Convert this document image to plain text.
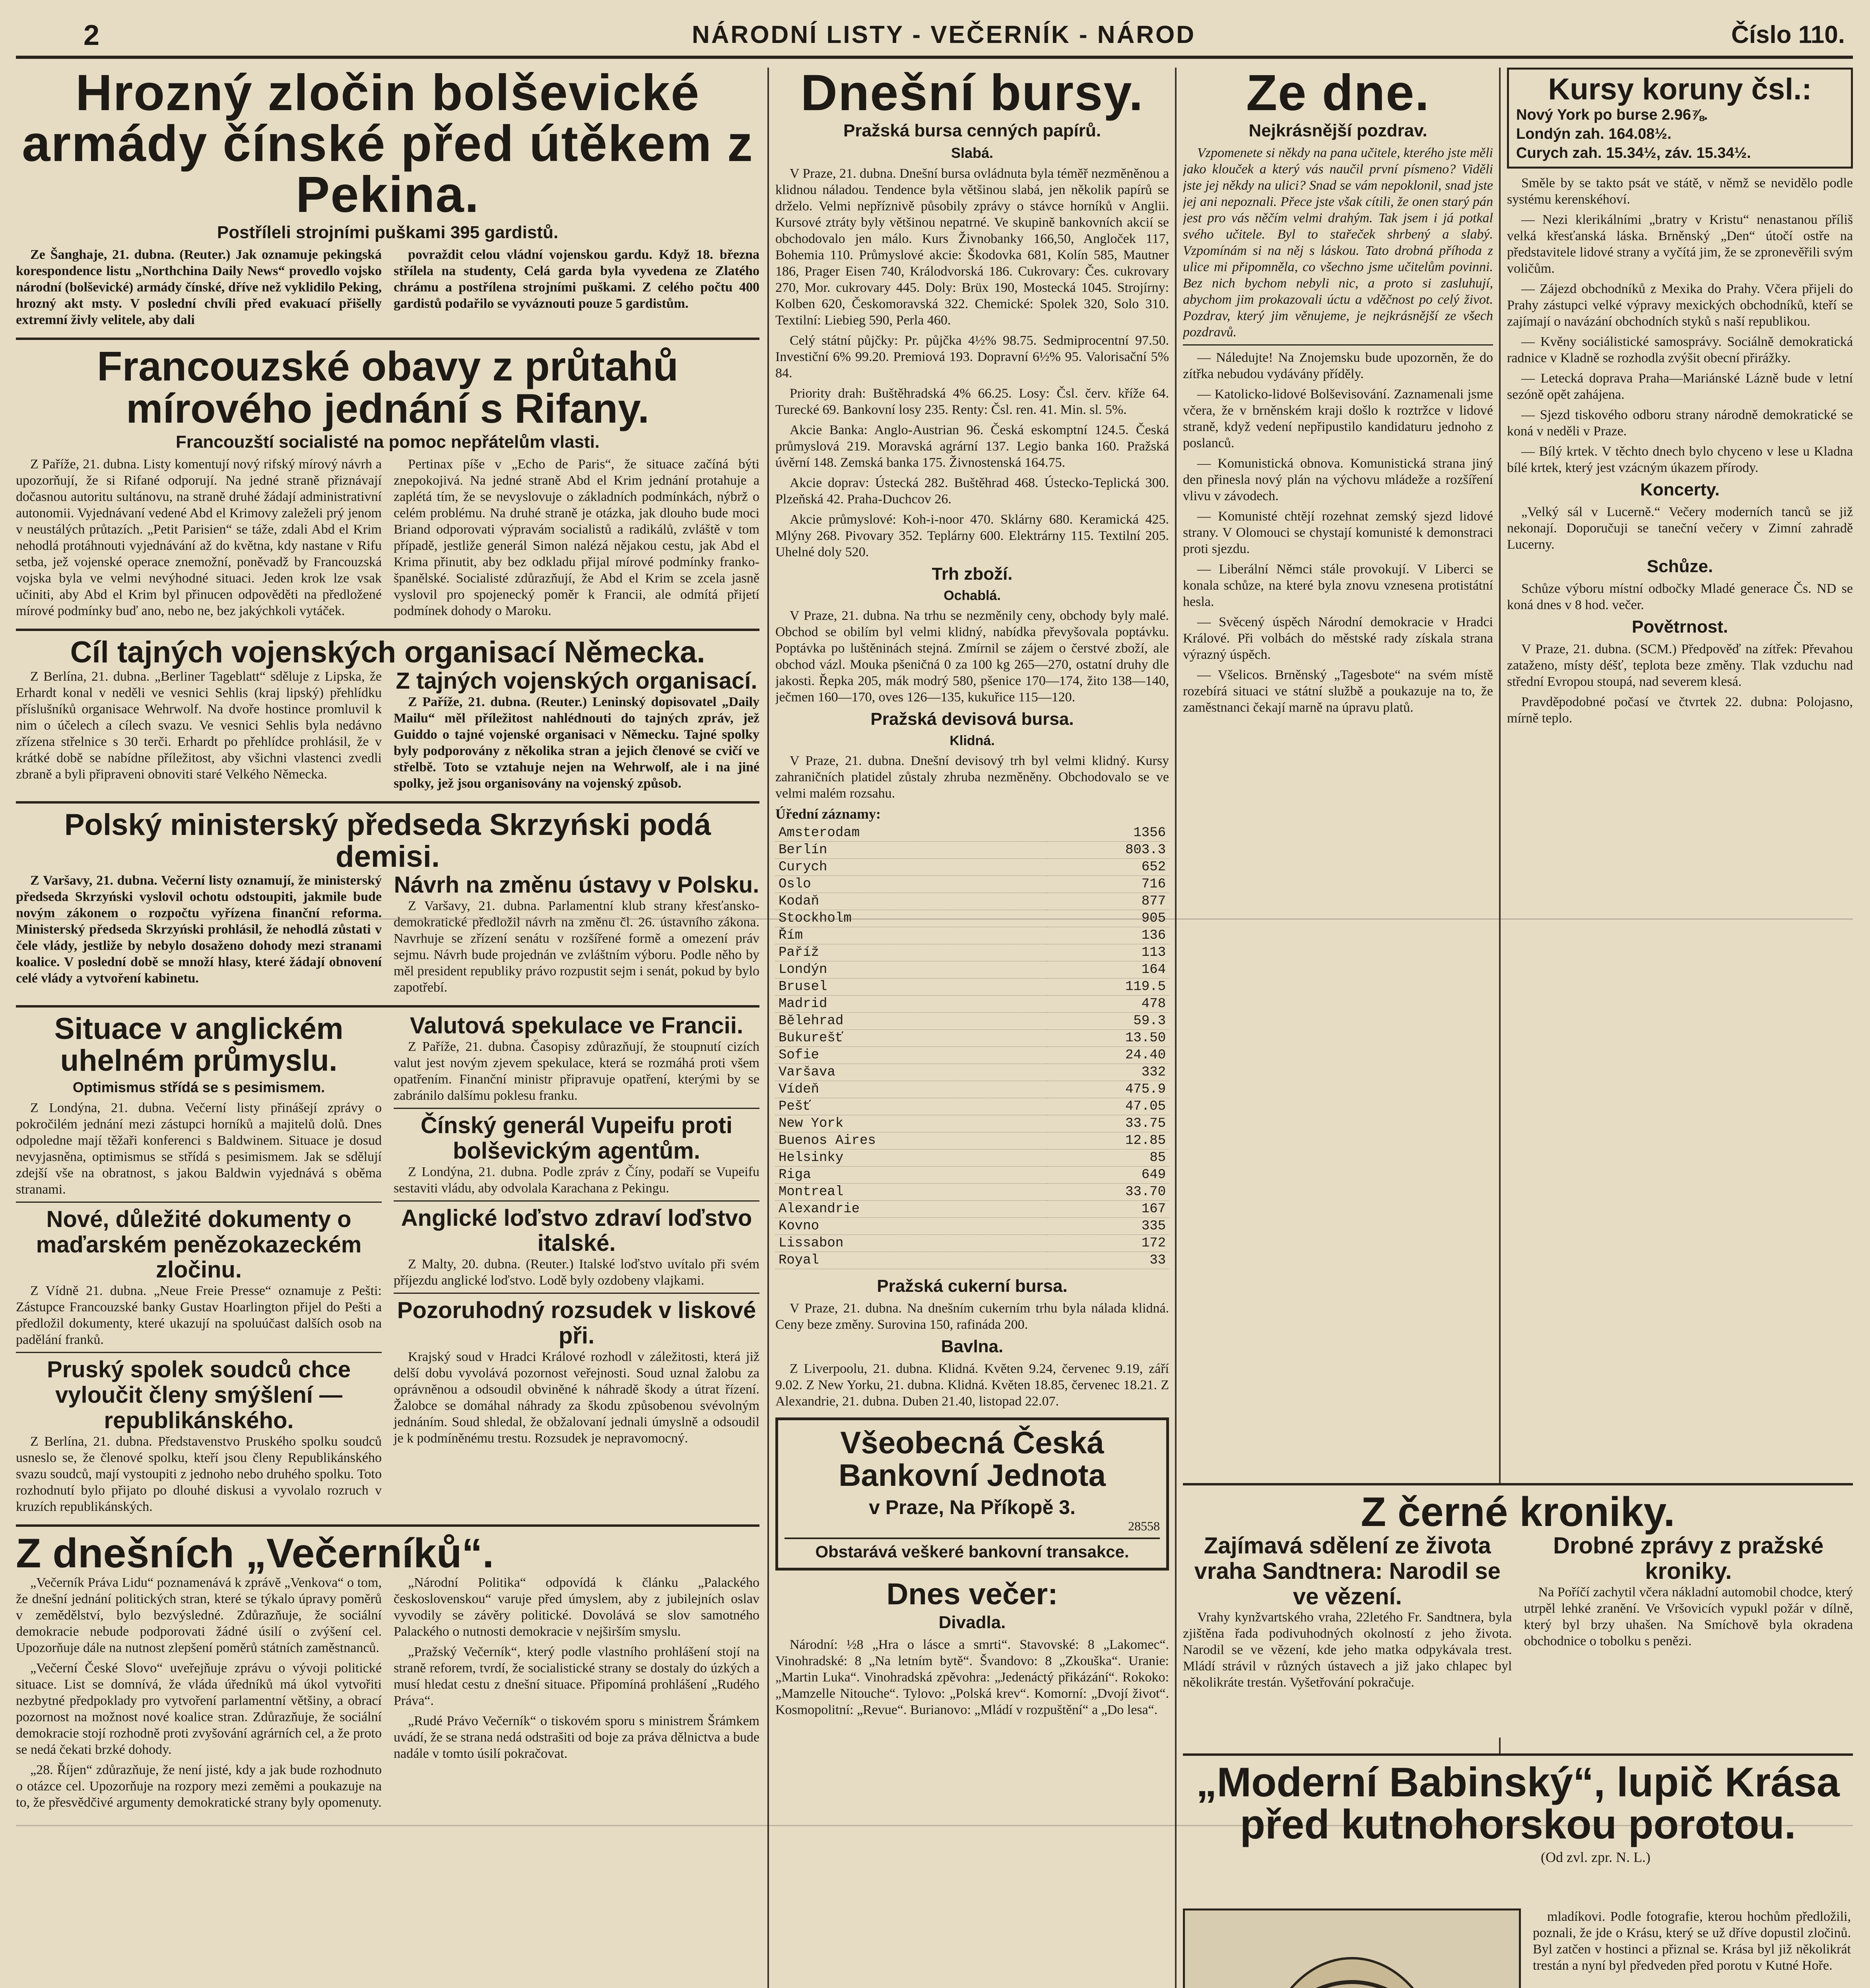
2	NÁRODNÍ LISTY - VEČERNÍK - NÁROD	Číslo 110.
Hrozný zločin bolševické armády čínské před útěkem z Pekina.
Postříleli strojními puškami 395 gardistů.

Ze Šanghaje, 21. dubna. (Reuter.) Jak oznamuje pekingská korespondence listu „Northchina Daily News“ provedlo vojsko národní (bolševické) armády čínské, dříve než vyklidilo Peking, hrozný akt msty. V poslední chvíli před evakuací přišelly extremní živly velitele, aby dali

povraždit celou vládní vojenskou gardu. Když 18. března střílela na studenty, Celá garda byla vyvedena ze Zlatého chrámu a postřílena strojními puškami. Z celého počtu 400 gardistů podařilo se vyváznouti pouze 5 gardistům.

Francouzské obavy z průtahů mírového jednání s Rifany.
Francouzští socialisté na pomoc nepřátelům vlasti.

Z Paříže, 21. dubna. Listy komentují nový rifský mírový návrh a upozorňují, že si Rifané odporují. Na jedné straně přiznávají dočasnou autoritu sultánovu, na straně druhé žádají administrativní autonomii. Vyjednávaní vedené Abd el Krimovy zaleželi prý jenom v neustálých průtazích. „Petit Parisien“ se táže, zdali Abd el Krim nehodlá protáhnouti vyjednávání až do května, kdy nastane v Rifu setba, jež vojenské operace znemožní, poněvadž by Francouzská vojska byla ve velmi nevýhodné situaci. Jeden krok lze vsak učiniti, aby Abd el Krim byl přinucen odpověděti na předložené mírové podmínky buď ano, nebo ne, bez jakýchkoli vytáček.

Pertinax píše v „Echo de Paris“, že situace začíná býti znepokojivá. Na jedné straně Abd el Krim jednání protahuje a zaplétá tím, že se nevyslovuje o základních podmínkách, nýbrž o celém problému. Na druhé straně je otázka, jak dlouho bude moci Briand odporovati výpravám socialistů a radikálů, zvláště v tom případě, jestliže generál Simon nalézá nějakou cestu, jak Abd el Krima přinutit, aby bez odkladu přijal mírové podmínky franko-španělské. Socialisté zdůrazňují, že Abd el Krim se zcela jasně vyslovil pro spojenecký poměr k Francii, ale odmítá přijetí podmínek dohody o Maroku.

Cíl tajných vojenských organisací Německa.

Z Berlína, 21. dubna. „Berliner Tageblatt“ sděluje z Lipska, že Erhardt konal v neděli ve vesnici Sehlis (kraj lipský) přehlídku příslušníků organisace Wehrwolf. Na dvoře hostince promluvil k nim o účelech a cílech svazu. Ve vesnici Sehlis byla nedávno zřízena střelnice s 30 terči. Erhardt po přehlídce prohlásil, že v krátké době se nabídne příležitost, aby všichni vlastenci zvedli zbraně a byli připraveni obnoviti staré Velkého Německa.

Z tajných vojenských organisací.

Z Paříže, 21. dubna. (Reuter.) Leninský dopisovatel „Daily Mailu“ měl příležitost nahlédnouti do tajných zpráv, jež Guiddo o tajné vojenské organisaci v Německu. Tajné spolky byly podporovány z několika stran a jejich členové se cvičí ve střelbě. Toto se vztahuje nejen na Wehrwolf, ale i na jiné spolky, jež jsou organisovány na vojenský způsob.

Polský ministerský předseda Skrzyński podá demisi.

Z Varšavy, 21. dubna. Večerní listy oznamují, že ministerský předseda Skrzyński vyslovil ochotu odstoupiti, jakmile bude novým zákonem o rozpočtu vyřízena finanční reforma. Ministerský předseda Skrzyński prohlásil, že nehodlá zůstati v čele vlády, jestliže by nebylo dosaženo dohody mezi stranami koalice. V poslední době se množí hlasy, které žádají obnovení celé vlády a vytvoření kabinetu.

Návrh na změnu ústavy v Polsku.

Z Varšavy, 21. dubna. Parlamentní klub strany křesťansko-demokratické předložil návrh na změnu čl. 26. ústavního zákona. Navrhuje se zřízení senátu v rozšířené formě a omezení práv sejmu. Návrh bude projednán ve zvláštním výboru. Podle něho by měl president republiky právo rozpustit sejm i senát, pokud by bylo zapotřebí.

Situace v anglickém uhelném průmyslu.
Optimismus střídá se s pesimismem.

Z Londýna, 21. dubna. Večerní listy přinášejí zprávy o pokročilém jednání mezi zástupci horníků a majitelů dolů. Dnes odpoledne mají těžaři konferenci s Baldwinem. Situace je dosud nevyjasněna, optimismus se střídá s pesimismem. Jak se sdělují zdejší vše na obratnost, s jakou Baldwin vyjednává s oběma stranami.

Nové, důležité dokumenty o maďarském penězokazeckém zločinu.

Z Vídně 21. dubna. „Neue Freie Presse“ oznamuje z Pešti: Zástupce Francouzské banky Gustav Hoarlington přijel do Pešti a předložil dokumenty, které ukazují na spoluúčast dalších osob na padělání franků.

Pruský spolek soudců chce vyloučit členy smýšlení — republikánského.

Z Berlína, 21. dubna. Představenstvo Pruského spolku soudců usneslo se, že členové spolku, kteří jsou členy Republikánského svazu soudců, mají vystoupiti z jednoho nebo druhého spolku. Toto rozhodnutí bylo přijato po dlouhé diskusi a vyvolalo rozruch v kruzích republikánských.

Valutová spekulace ve Francii.

Z Paříže, 21. dubna. Časopisy zdůrazňují, že stoupnutí cizích valut jest novým zjevem spekulace, která se rozmáhá proti všem opatřením. Finanční ministr připravuje opatření, kterými by se zabránilo dalšímu poklesu franku.

Čínský generál Vupeifu proti bolševickým agentům.

Z Londýna, 21. dubna. Podle zpráv z Číny, podaří se Vupeifu sestaviti vládu, aby odvolala Karachana z Pekingu.

Anglické loďstvo zdraví loďstvo italské.

Z Malty, 20. dubna. (Reuter.) Italské loďstvo uvítalo při svém příjezdu anglické loďstvo. Lodě byly ozdobeny vlajkami.

Pozoruhodný rozsudek v liskové při.

Krajský soud v Hradci Králové rozhodl v záležitosti, která již delší dobu vyvolává pozornost veřejnosti. Soud uznal žalobu za oprávněnou a odsoudil obviněné k náhradě škody a útrat řízení. Žalobce se domáhal náhrady za škodu způsobenou svévolným jednáním. Soud shledal, že obžalovaní jednali úmyslně a odsoudil je k podmíněnému trestu. Rozsudek je nepravomocný.

Z dnešních „Večerníků“.

„Večerník Práva Lidu“ poznamenává k zprávě „Venkova“ o tom, že dnešní jednání politických stran, které se týkalo úpravy poměrů v zemědělství, bylo bezvýsledné. Zdůrazňuje, že sociální demokracie nebude podporovati žádné úsilí o zvýšení cel. Upozorňuje dále na nutnost zlepšení poměrů státních zaměstnanců.

„Večerní České Slovo“ uveřejňuje zprávu o vývoji politické situace. List se domnívá, že vláda úředníků má úkol vytvořiti nezbytné předpoklady pro vytvoření parlamentní většiny, a obrací pozornost na možnost nové koalice stran. Zdůrazňuje, že sociální demokracie stojí rozhodně proti zvyšování agrárních cel, a že proto se nedá čekati brzké dohody.

„28. Říjen“ zdůrazňuje, že není jisté, kdy a jak bude rozhodnuto o otázce cel. Upozorňuje na rozpory mezi zeměmi a poukazuje na to, že přesvědčivé argumenty demokratické strany byly opomenuty.

„Národní Politika“ odpovídá k článku „Palackého československou“ varuje před úmyslem, aby z jubilejních oslav vyvodily se závěry politické. Dovolává se slov samotného Palackého o nutnosti demokracie v nejširším smyslu.

„Pražský Večerník“, který podle vlastního prohlášení stojí na straně reforem, tvrdí, že socialistické strany se dostaly do úzkých a musí hledat cestu z dnešní situace. Připomíná prohlášení „Rudého Práva“.

„Rudé Právo Večerník“ o tiskovém sporu s ministrem Šrámkem uvádí, že se strana nedá odstrašiti od boje za práva dělnictva a bude nadále v tomto úsilí pokračovat.

Dnešní bursy.
Pražská bursa cenných papírů.
Slabá.

V Praze, 21. dubna. Dnešní bursa ovládnuta byla téměř nezměněnou a klidnou náladou. Tendence byla většinou slabá, jen několik papírů se drželo. Velmi nepříznivě působily zprávy o stávce horníků v Anglii. Kursové ztráty byly většinou nepatrné. Ve skupině bankovních akcií se obchodovalo jen málo. Kurs Živnobanky 166,50, Angloček 117, Bohemia 110. Průmyslové akcie: Škodovka 681, Kolín 585, Mautner 186, Prager Eisen 740, Králodvorská 186. Cukrovary: Čes. cukrovary 270, Mor. cukrovary 445. Doly: Brüx 190, Mostecká 1045. Strojírny: Kolben 620, Českomoravská 322. Chemické: Spolek 320, Solo 310. Textilní: Liebieg 590, Perla 460.

Celý státní půjčky: Pr. půjčka 4½% 98.75. Sedmiprocentní 97.50. Investiční 6% 99.20. Premiová 193. Dopravní 6½% 95. Valorisační 5% 84.

Priority drah: Buštěhradská 4% 66.25. Losy: Čsl. červ. kříže 64. Turecké 69. Bankovní losy 235. Renty: Čsl. ren. 41. Min. sl. 5%.

Akcie Banka: Anglo-Austrian 96. Česká eskomptní 124.5. Česká průmyslová 219. Moravská agrární 137. Legio banka 160. Pražská úvěrní 148. Zemská banka 175. Živnostenská 164.75.

Akcie doprav: Ústecká 282. Buštěhrad 468. Ústecko-Teplická 300. Plzeňská 42. Praha-Duchcov 26.

Akcie průmyslové: Koh-i-noor 470. Sklárny 680. Keramická 425. Mlýny 268. Pivovary 352. Teplárny 600. Elektrárny 115. Textilní 205. Uhelné doly 520.

Trh zboží.
Ochablá.

V Praze, 21. dubna. Na trhu se nezměnily ceny, obchody byly malé. Obchod se obilím byl velmi klidný, nabídka převyšovala poptávku. Poptávka po luštěninách stejná. Zmírnil se zájem o čerstvé zboží, ale obchod vázl. Mouka pšeničná 0 za 100 kg 265—270, ostatní druhy dle jakosti. Řepka 205, mák modrý 580, pšenice 170—174, žito 138—140, ječmen 160—170, oves 126—135, kukuřice 115—120.

Pražská devisová bursa.
Klidná.

V Praze, 21. dubna. Dnešní devisový trh byl velmi klidný. Kursy zahraničních platidel zůstaly zhruba nezměněny. Obchodovalo se ve velmi malém rozsahu.

Úřední záznamy:
Amsterodam	1356
Berlín	803.3
Curych	652
Oslo	716
Kodaň	877
Stockholm	905
Řím	136
Paříž	113
Londýn	164
Brusel	119.5
Madrid	478
Bělehrad	59.3
Bukurešť	13.50
Sofie	24.40
Varšava	332
Vídeň	475.9
Pešť	47.05
New York	33.75
Buenos Aires	12.85
Helsinky	85
Riga	649
Montreal	33.70
Alexandrie	167
Kovno	335
Lissabon	172
Royal	33
Pražská cukerní bursa.

V Praze, 21. dubna. Na dnešním cukerním trhu byla nálada klidná. Ceny beze změny. Surovina 150, rafináda 200.

Bavlna.

Z Liverpoolu, 21. dubna. Klidná. Květen 9.24, červenec 9.19, září 9.02. Z New Yorku, 21. dubna. Klidná. Květen 18.85, červenec 18.21. Z Alexandrie, 21. dubna. Duben 21.40, listopad 22.07.

Všeobecná Česká Bankovní Jednota
v Praze, Na Příkopě 3.
28558
Obstarává veškeré bankovní transakce.
Dnes večer:
Divadla.

Národní: ½8 „Hra o lásce a smrti“. Stavovské: 8 „Lakomec“. Vinohradské: 8 „Na letním bytě“. Švandovo: 8 „Zkouška“. Uranie: „Martin Luka“. Vinohradská zpěvohra: „Jedenáctý přikázání“. Rokoko: „Mamzelle Nitouche“. Tylovo: „Polská krev“. Komorní: „Dvojí život“. Kosmopolitní: „Revue“. Burianovo: „Mládí v rozpuštění“ a „Do lesa“.

Ze dne.
Nejkrásnější pozdrav.

Vzpomenete si někdy na pana učitele, kterého jste měli jako klouček a který vás naučil první písmeno? Viděli jste jej někdy na ulici? Snad se vám nepoklonil, snad jste jej ani nepoznali. Přece jste však cítili, že onen starý pán jest pro vás něčím velmi drahým. Tak jsem i já potkal svého učitele. Byl to stařeček shrbený a slabý. Vzpomínám si na něj s láskou. Tato drobná příhoda z ulice mi připomněla, co všechno jsme učitelům povinni. Bez nich bychom nebyli nic, a proto si zasluhují, abychom jim prokazovali úctu a vděčnost po celý život. Pozdrav, který jim věnujeme, je nejkrásnější ze všech pozdravů.

— Náledujte! Na Znojemsku bude upozorněn, že do zítřka nebudou vydávány příděly.

— Katolicko-lidové Bolševisování. Zaznamenali jsme včera, že v brněnském kraji došlo k roztržce v lidové straně, když vedení nepřipustilo kandidaturu jednoho z poslanců.

— Komunistická obnova. Komunistická strana jiný den přinesla nový plán na výchovu mládeže a rozšíření vlivu v závodech.

— Komunisté chtějí rozehnat zemský sjezd lidové strany. V Olomouci se chystají komunisté k demonstraci proti sjezdu.

— Liberální Němci stále provokují. V Liberci se konala schůze, na které byla znovu vznesena protistátní hesla.

— Svěcený úspěch Národní demokracie v Hradci Králové. Při volbách do městské rady získala strana výrazný úspěch.

— Všelicos. Brněnský „Tagesbote“ na svém místě rozebírá situaci ve státní službě a poukazuje na to, že zaměstnanci čekají marně na úpravu platů.

Kursy koruny čsl.:
Nový York po burse 2.96⅞.
Londýn zah. 164.08½.
Curych zah. 15.34½, záv. 15.34½.

Směle by se takto psát ve státě, v němž se nevidělo podle systému kerenskéhoví.

— Nezi klerikálními „bratry v Kristu“ nenastanou příliš velká křesťanská láska. Brněnský „Den“ útočí ostře na představitele lidové strany a vyčítá jim, že se zpronevěřili svým voličům.

— Zájezd obchodníků z Mexika do Prahy. Včera přijeli do Prahy zástupci velké výpravy mexických obchodníků, kteří se zajímají o navázání obchodních styků s naší republikou.

— Kvěny sociálistické samosprávy. Sociálně demokratická radnice v Kladně se rozhodla zvýšit obecní přirážky.

— Letecká doprava Praha—Mariánské Lázně bude v letní sezóně opět zahájena.

— Sjezd tiskového odboru strany národně demokratické se koná v neděli v Praze.

— Bílý krtek. V těchto dnech bylo chyceno v lese u Kladna bílé krtek, který jest vzácným úkazem přírody.

Koncerty.

„Velký sál v Lucerně.“ Večery moderních tanců se již nekonají. Doporučuji se taneční večery v Zimní zahradě Lucerny.

Schůze.

Schůze výboru místní odbočky Mladé generace Čs. ND se koná dnes v 8 hod. večer.

Povětrnost.

V Praze, 21. dubna. (SCM.) Předpověď na zítřek: Převahou zataženo, místy déšť, teplota beze změny. Tlak vzduchu nad střední Evropou stoupá, nad severem klesá.

Pravděpodobné počasí ve čtvrtek 22. dubna: Polojasno, mírně teplo.

Z černé kroniky.
Zajímavá sdělení ze života vraha Sandtnera: Narodil se ve vězení.

Vrahy kynžvartského vraha, 22letého Fr. Sandtnera, byla zjištěna řada podivuhodných okolností z jeho života. Narodil se ve vězení, kde jeho matka odpykávala trest. Mládí strávil v různých ústavech a již jako chlapec byl několikráte trestán. Vyšetřování pokračuje.

Drobné zprávy z pražské kroniky.

Na Poříčí zachytil včera nákladní automobil chodce, který utrpěl lehké zranění. Ve Vršovicích vypukl požár v dílně, který byl brzy uhašen. Na Smíchově byla okradena obchodnice o tobolku s penězi.

„Moderní Babinský“, lupič Krása před kutnohorskou porotou.
(Od zvl. zpr. N. L.)

mladíkovi. Podle fotografie, kterou hochům předložili, poznali, že jde o Krásu, který se už dříve dopustil zločinů. Byl zatčen v hostinci a přiznal se. Krása byl již několikrát trestán a nyní byl předveden před porotu v Kutné Hoře.
